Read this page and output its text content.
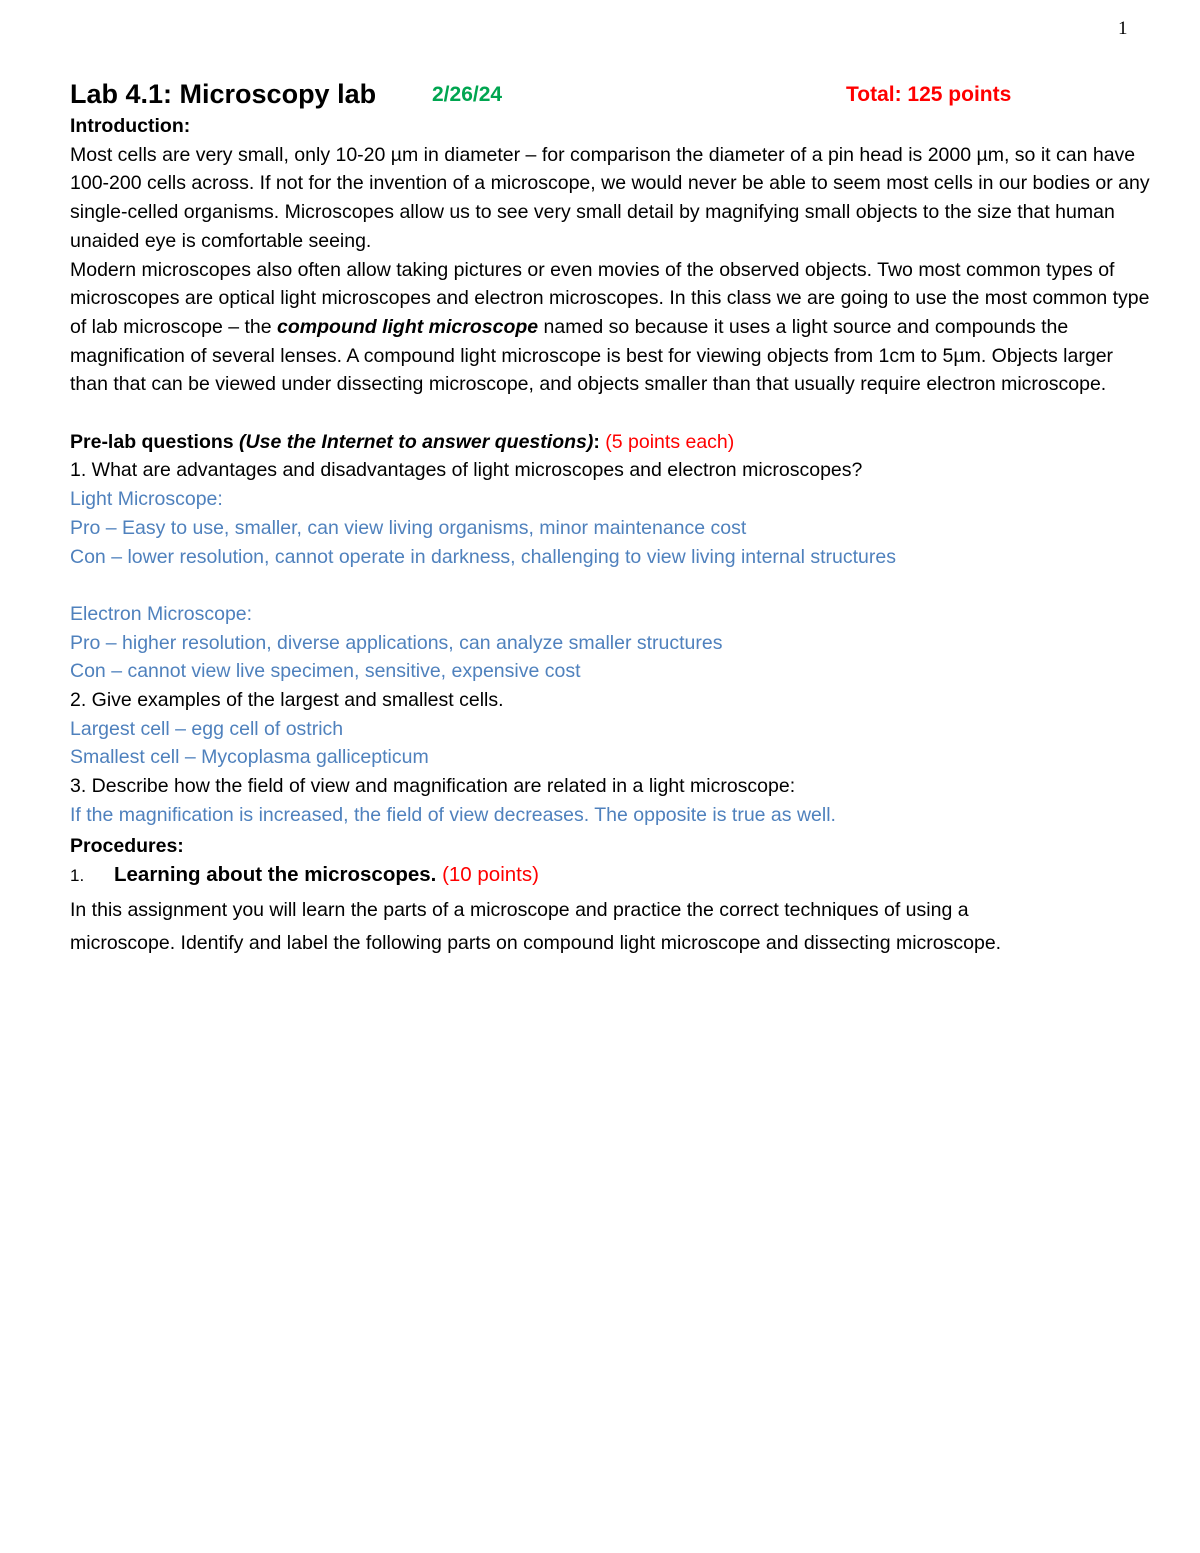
1
Lab 4.1: Microscopy lab	2/26/24	Total: 125 points
Introduction:

Most cells are very small, only 10-20 µm in diameter – for comparison the diameter of a pin head is 2000 µm, so it can have 100-200 cells across. If not for the invention of a microscope, we would never be able to seem most cells in our bodies or any single-celled organisms. Microscopes allow us to see very small detail by magnifying small objects to the size that human unaided eye is comfortable seeing.

Modern microscopes also often allow taking pictures or even movies of the observed objects. Two most common types of microscopes are optical light microscopes and electron microscopes. In this class we are going to use the most common type of lab microscope – the compound light microscope named so because it uses a light source and compounds the magnification of several lenses. A compound light microscope is best for viewing objects from 1cm to 5µm. Objects larger than that can be viewed under dissecting microscope, and objects smaller than that usually require electron microscope.

Pre-lab questions (Use the Internet to answer questions): (5 points each)

1. What are advantages and disadvantages of light microscopes and electron microscopes?

Light Microscope:

Pro – Easy to use, smaller, can view living organisms, minor maintenance cost

Con – lower resolution, cannot operate in darkness, challenging to view living internal structures

Electron Microscope:

Pro – higher resolution, diverse applications, can analyze smaller structures

Con – cannot view live specimen, sensitive, expensive cost

2. Give examples of the largest and smallest cells.

Largest cell – egg cell of ostrich

Smallest cell – Mycoplasma gallicepticum

3. Describe how the field of view and magnification are related in a light microscope:

If the magnification is increased, the field of view decreases. The opposite is true as well.

Procedures:
1.	Learning about the microscopes. (10 points)

In this assignment you will learn the parts of a microscope and practice the correct techniques of using a microscope. Identify and label the following parts on compound light microscope and dissecting microscope.
